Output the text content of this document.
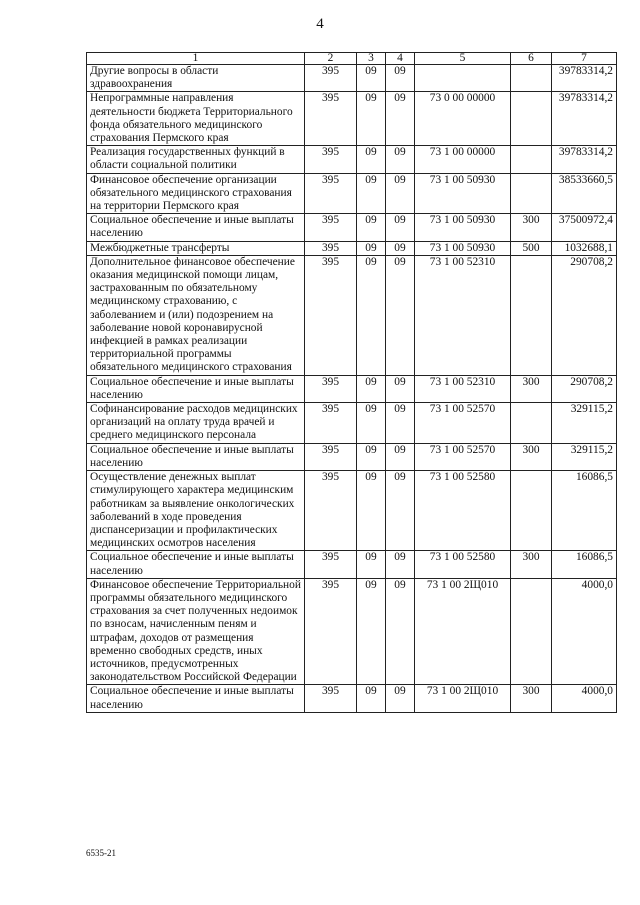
4
1	2	3	4	5	6	7
Другие вопросы в области здравоохранения	395	09	09			39783314,2
Непрограммные направления деятельности бюджета Территориального фонда обязательного медицинского страхования Пермского края	395	09	09	73 0 00 00000		39783314,2
Реализация государственных функций в области социальной политики	395	09	09	73 1 00 00000		39783314,2
Финансовое обеспечение организации обязательного медицинского страхования на территории Пермского края	395	09	09	73 1 00 50930		38533660,5
Социальное обеспечение и иные выплаты населению	395	09	09	73 1 00 50930	300	37500972,4
Межбюджетные трансферты	395	09	09	73 1 00 50930	500	1032688,1
Дополнительное финансовое обеспечение оказания медицинской помощи лицам, застрахованным по обязательному медицинскому страхованию, с заболеванием и (или) подозрением на заболевание новой коронавирусной инфекцией в рамках реализации территориальной программы обязательного медицинского страхования	395	09	09	73 1 00 52310		290708,2
Социальное обеспечение и иные выплаты населению	395	09	09	73 1 00 52310	300	290708,2
Софинансирование расходов медицинских организаций на оплату труда врачей и среднего медицинского персонала	395	09	09	73 1 00 52570		329115,2
Социальное обеспечение и иные выплаты населению	395	09	09	73 1 00 52570	300	329115,2
Осуществление денежных выплат стимулирующего характера медицинским работникам за выявление онкологических заболеваний в ходе проведения диспансеризации и профилактических медицинских осмотров населения	395	09	09	73 1 00 52580		16086,5
Социальное обеспечение и иные выплаты населению	395	09	09	73 1 00 52580	300	16086,5
Финансовое обеспечение Территориальной программы обязательного медицинского страхования за счет полученных недоимок по взносам, начисленным пеням и штрафам, доходов от размещения временно свободных средств, иных источников, предусмотренных законодательством Российской Федерации	395	09	09	73 1 00 2Щ010		4000,0
Социальное обеспечение и иные выплаты населению	395	09	09	73 1 00 2Щ010	300	4000,0
6535-21
